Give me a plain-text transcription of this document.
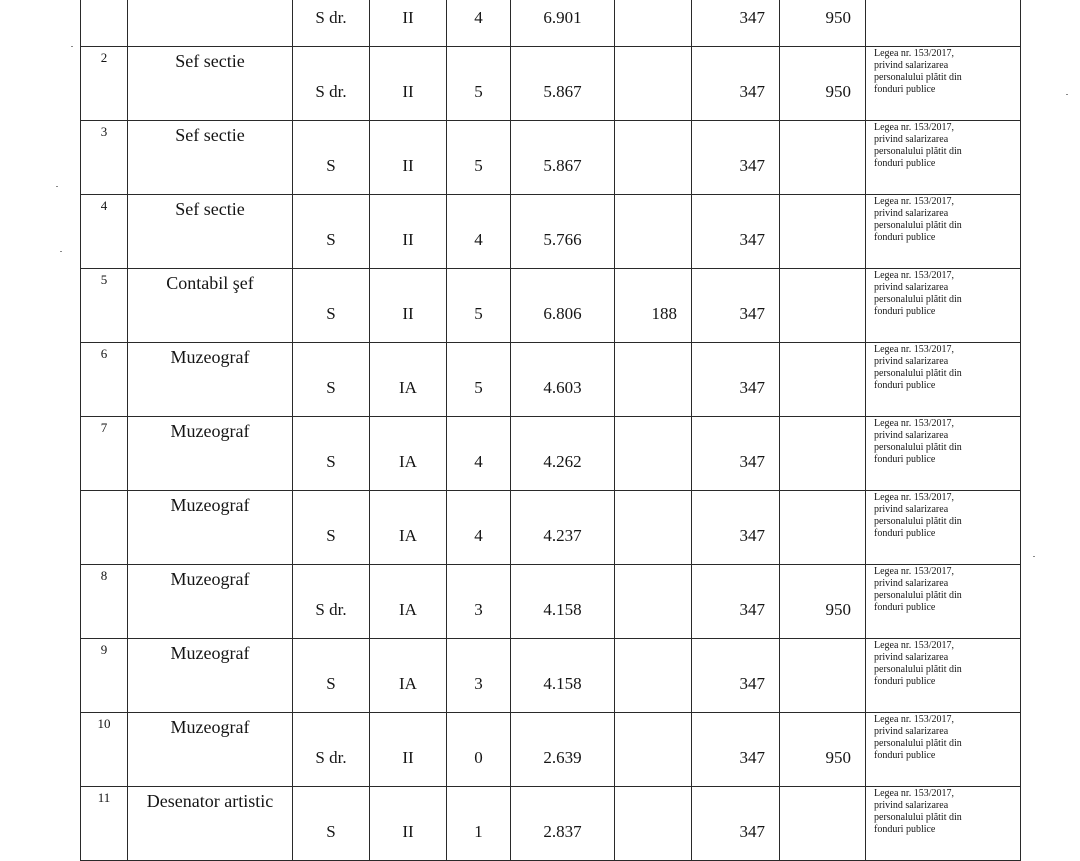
		S dr.	II	4	6.901		347	950	

2	Sef sectie	S dr.	II	5	5.867		347	950	Legea nr. 153/2017,
privind salarizarea
personalului plătit din
fonduri publice

3	Sef sectie	S	II	5	5.867		347		Legea nr. 153/2017,
privind salarizarea
personalului plătit din
fonduri publice

4	Sef sectie	S	II	4	5.766		347		Legea nr. 153/2017,
privind salarizarea
personalului plătit din
fonduri publice

5	Contabil şef	S	II	5	6.806	188	347		Legea nr. 153/2017,
privind salarizarea
personalului plătit din
fonduri publice

6	Muzeograf	S	IA	5	4.603		347		Legea nr. 153/2017,
privind salarizarea
personalului plătit din
fonduri publice

7	Muzeograf	S	IA	4	4.262		347		Legea nr. 153/2017,
privind salarizarea
personalului plătit din
fonduri publice

	Muzeograf	S	IA	4	4.237		347		Legea nr. 153/2017,
privind salarizarea
personalului plătit din
fonduri publice

8	Muzeograf	S dr.	IA	3	4.158		347	950	Legea nr. 153/2017,
privind salarizarea
personalului plătit din
fonduri publice

9	Muzeograf	S	IA	3	4.158		347		Legea nr. 153/2017,
privind salarizarea
personalului plătit din
fonduri publice

10	Muzeograf	S dr.	II	0	2.639		347	950	Legea nr. 153/2017,
privind salarizarea
personalului plătit din
fonduri publice

11	Desenator artistic	S	II	1	2.837		347		Legea nr. 153/2017,
privind salarizarea
personalului plătit din
fonduri publice
